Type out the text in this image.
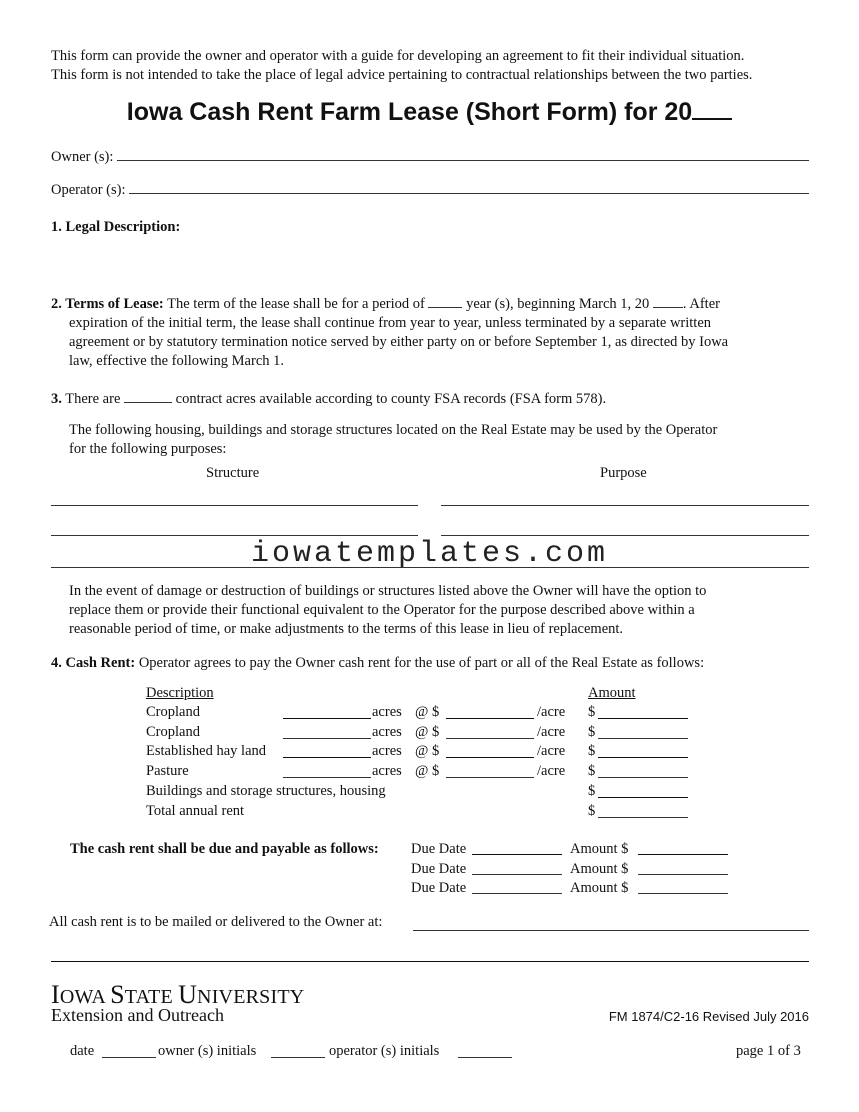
This form can provide the owner and operator with a guide for developing an agreement to fit their individual situation.
This form is not intended to take the place of legal advice pertaining to contractual relationships between the two parties.
Iowa Cash Rent Farm Lease (Short Form) for 20
Owner (s):
Operator (s):
1. Legal Description:
2. Terms of Lease: The term of the lease shall be for a period of	year (s), beginning March 1, 20 . After
expiration of the initial term, the lease shall continue from year to year, unless terminated by a separate written
agreement or by statutory termination notice served by either party on or before September 1, as directed by Iowa
law, effective the following March 1.
3. There are	contract acres available according to county FSA records (FSA form 578).
The following housing, buildings and storage structures located on the Real Estate may be used by the Operator
for the following purposes:
Structure	Purpose
iowatemplates.com
In the event of damage or destruction of buildings or structures listed above the Owner will have the option to
replace them or provide their functional equivalent to the Operator for the purpose described above within a
reasonable period of time, or make adjustments to the terms of this lease in lieu of replacement.
4. Cash Rent: Operator agrees to pay the Owner cash rent for the use of part or all of the Real Estate as follows:
Description	Amount
Cropland	acres @ $	/acre $
Cropland	acres @ $	/acre $
Established hay land	acres @ $	/acre $
Pasture	acres @ $	/acre $
Buildings and storage structures, housing	$
Total annual rent	$
The cash rent shall be due and payable as follows: Due Date	Amount $
Due Date	Amount $
Due Date	Amount $
All cash rent is to be mailed or delivered to the Owner at:
IOWA STATE UNIVERSITY
Extension and Outreach	FM 1874/C2-16 Revised July 2016
date	owner (s) initials	operator (s) initials	page 1 of 3
